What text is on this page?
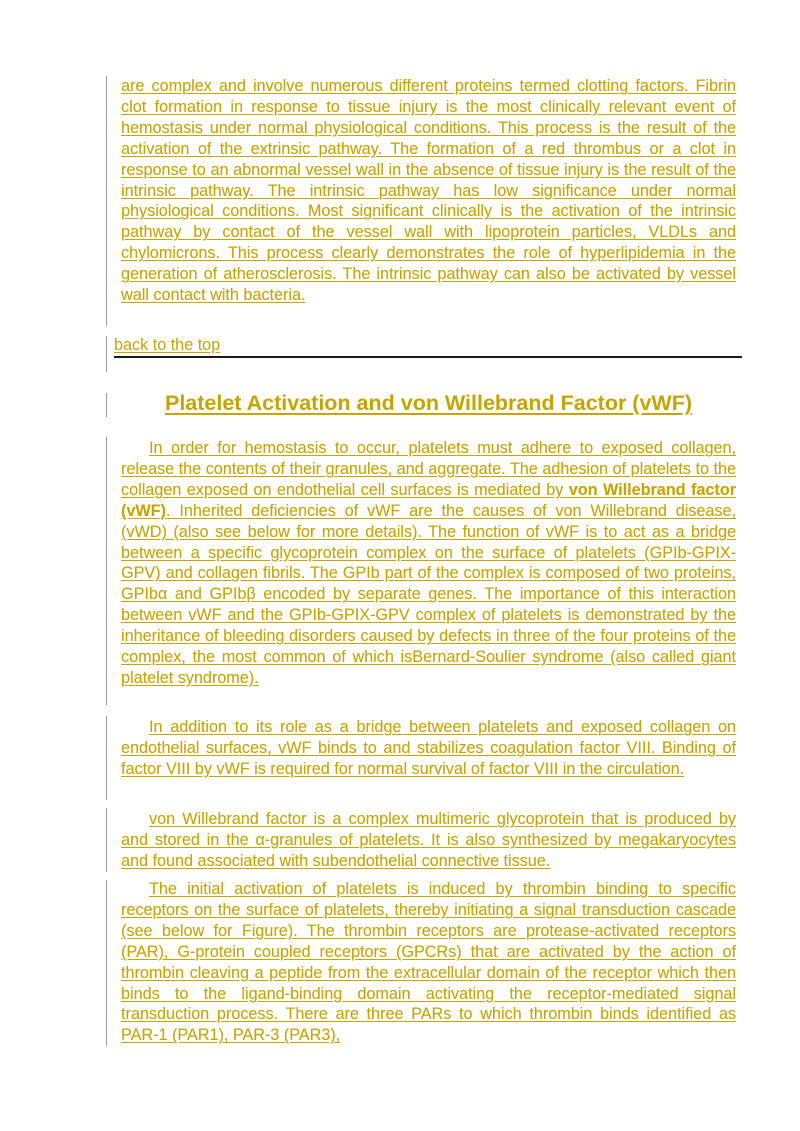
are complex and involve numerous different proteins termed clotting factors. Fibrin clot formation in response to tissue injury is the most clinically relevant event of hemostasis under normal physiological conditions. This process is the result of the activation of the extrinsic pathway. The formation of a red thrombus or a clot in response to an abnormal vessel wall in the absence of tissue injury is the result of the intrinsic pathway. The intrinsic pathway has low significance under normal physiological conditions. Most significant clinically is the activation of the intrinsic pathway by contact of the vessel wall with lipoprotein particles, VLDLs and chylomicrons. This process clearly demonstrates the role of hyperlipidemia in the generation of atherosclerosis. The intrinsic pathway can also be activated by vessel wall contact with bacteria.

back to the top
Platelet Activation and von Willebrand Factor (vWF)

In order for hemostasis to occur, platelets must adhere to exposed collagen, release the contents of their granules, and aggregate. The adhesion of platelets to the collagen exposed on endothelial cell surfaces is mediated by von Willebrand factor (vWF). Inherited deficiencies of vWF are the causes of von Willebrand disease, (vWD) (also see below for more details). The function of vWF is to act as a bridge between a specific glycoprotein complex on the surface of platelets (GPIb-GPIX-GPV) and collagen fibrils. The GPIb part of the complex is composed of two proteins, GPIbα and GPIbβ encoded by separate genes. The importance of this interaction between vWF and the GPIb-GPIX-GPV complex of platelets is demonstrated by the inheritance of bleeding disorders caused by defects in three of the four proteins of the complex, the most common of which isBernard-Soulier syndrome (also called giant platelet syndrome).

In addition to its role as a bridge between platelets and exposed collagen on endothelial surfaces, vWF binds to and stabilizes coagulation factor VIII. Binding of factor VIII by vWF is required for normal survival of factor VIII in the circulation.

von Willebrand factor is a complex multimeric glycoprotein that is produced by and stored in the α-granules of platelets. It is also synthesized by megakaryocytes and found associated with subendothelial connective tissue.

The initial activation of platelets is induced by thrombin binding to specific receptors on the surface of platelets, thereby initiating a signal transduction cascade (see below for Figure). The thrombin receptors are protease-activated receptors (PAR), G-protein coupled receptors (GPCRs) that are activated by the action of thrombin cleaving a peptide from the extracellular domain of the receptor which then binds to the ligand-binding domain activating the receptor-mediated signal transduction process. There are three PARs to which thrombin binds identified as PAR-1 (PAR1), PAR-3 (PAR3),
